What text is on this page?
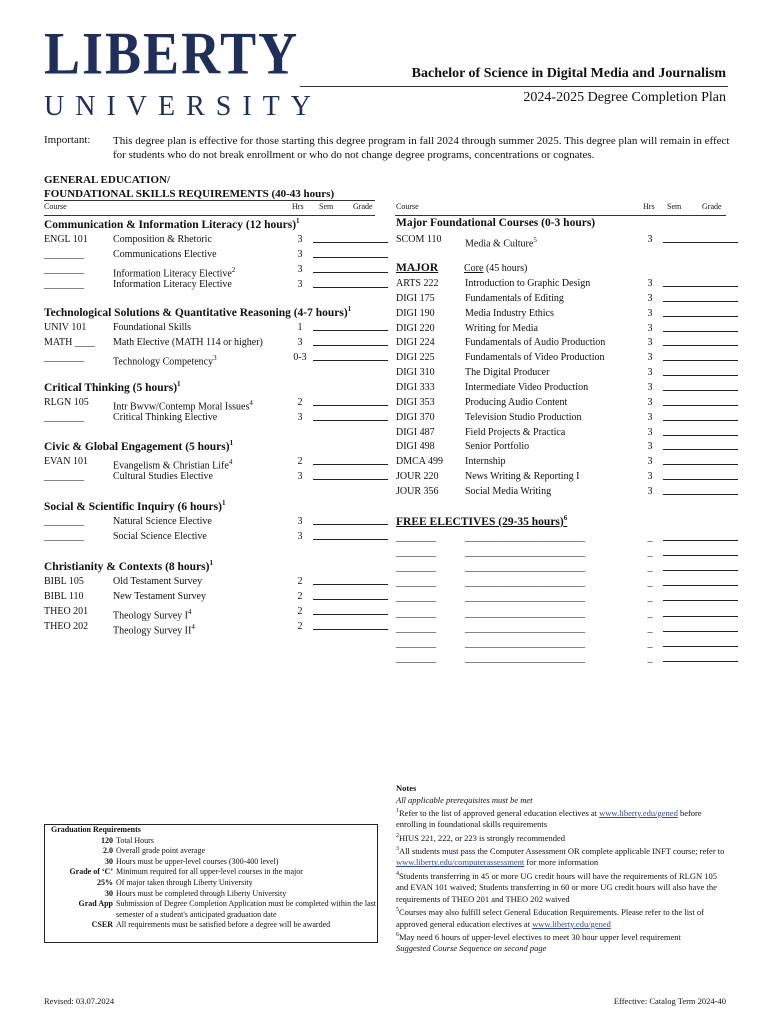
LIBERTY
UNIVERSITY
Bachelor of Science in Digital Media and Journalism
2024-2025 Degree Completion Plan
Important: This degree plan is effective for those starting this degree program in fall 2024 through summer 2025. This degree plan will remain in effect for students who do not break enrollment or who do not change degree programs, concentrations or cognates.
GENERAL EDUCATION/
FOUNDATIONAL SKILLS REQUIREMENTS (40-43 hours)
Course	Hrs Sem Grade	Course	Hrs Sem	Grade
Communication & Information Literacy (12 hours)$^1$
ENGL 101	Composition & Rhetoric	3
________	Communications Elective	3
________	Information Literacy Elective$^2$	3
________	Information Literacy Elective	3
Technological Solutions & Quantitative Reasoning (4-7 hours)$^1$
UNIV 101	Foundational Skills	1
MATH ____ Math Elective (MATH 114 or higher)	3
________	Technology Competency$^3$	0-3
Critical Thinking (5 hours)$^1$
RLGN 105 Intr Bwvw/Contemp Moral Issues$^4$	2
________	Critical Thinking Elective	3
Civic & Global Engagement (5 hours)$^1$
EVAN 101	Evangelism & Christian Life$^4$	2
________	Cultural Studies Elective	3
Social & Scientific Inquiry (6 hours)$^1$
________	Natural Science Elective	3
________	Social Science Elective	3
Christianity & Contexts (8 hours)$^1$
BIBL 105	Old Testament Survey	2
BIBL 110	New Testament Survey	2
THEO 201 Theology Survey $I^4$	2
THEO 202 Theology Survey $II^4$	2
Major Foundational Courses (0-3 hours)
SCOM 110 Media & Culture$^5$	3
MAJOR	Core (45 hours)
ARTS 222	Introduction to Graphic Design	3
DIGI 175	Fundamentals of Editing	3
DIGI 190	Media Industry Ethics	3
DIGI 220	Writing for Media	3
DIGI 224	Fundamentals of Audio Production	3
DIGI 225	Fundamentals of Video Production	3
DIGI 310	The Digital Producer	3
DIGI 333	Intermediate Video Production	3
DIGI 353	Producing Audio Content	3
DIGI 370	Television Studio Production	3
DIGI 487	Field Projects & Practica	3
DIGI 498	Senior Portfolio	3
DMCA 499 Internship	3
JOUR 220	News Writing & Reporting I	3
JOUR 356	Social Media Writing	3
FREE ELECTIVES (29-35 hours)$^6$
________	________________________	_
________	________________________	_
________	________________________	_
________	________________________	_
________	________________________	_
________	________________________	_
________	________________________	_
________	________________________	_
________	________________________	_
Graduation Requirements
120 Total Hours
2.0 Overall grade point average
30 Hours must be upper-level courses (300-400 level)
Grade of ‘C’ Minimum required for all upper-level courses in the major
25% Of major taken through Liberty University
30 Hours must be completed through Liberty University
Grad App Submission of Degree Completion Application must be completed within the last semester of a student's anticipated graduation date
CSER All requirements must be satisfied before a degree will be awarded
Notes
All applicable prerequisites must be met
$^1$Refer to the list of approved general education electives at www.liberty.edu/gened before enrolling in foundational skills requirements
$^2$HIUS 221, 222, or 223 is strongly recommended
$^3$All students must pass the Computer Assessment OR complete applicable INFT course; refer to www.liberty.edu/computerassessment for more information
$^4$Students transferring in 45 or more UG credit hours will have the requirements of RLGN 105 and EVAN 101 waived; Students transferring in 60 or more UG credit hours will also have the requirements of THEO 201 and THEO 202 waived
$^5$Courses may also fulfill select General Education Requirements. Please refer to the list of approved general education electives at www.liberty.edu/gened
$^6$May need 6 hours of upper-level electives to meet 30 hour upper level requirement
Suggested Course Sequence on second page
Revised: 03.07.2024	Effective: Catalog Term 2024-40
